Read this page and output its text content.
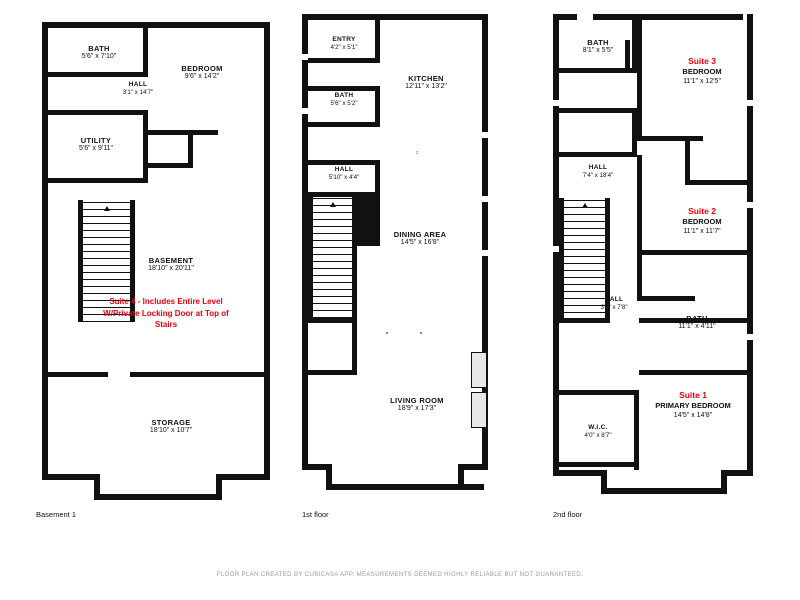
BATH
5'6" x 7'10"
BEDROOM
9'6" x 14'2"
HALL
3'1" x 14'7"
UTILITY
5'6" x 9'11"
BASEMENT
18'10" x 20'11"
STORAGE
18'10" x 10'7"
Suite 4 - Includes Entire Level W/Private Locking Door at Top of Stairs
Basement 1
z
ENTRY
4'2" x 5'1"
BATH
5'6" x 5'2"
KITCHEN
12'11" x 13'2"
HALL
5'10" x 4'4"
DINING AREA
14'5" x 16'8"
LIVING ROOM
18'9" x 17'3"
1st floor
BATH
8'1" x 5'5"
HALL
7'4" x 18'4"
HALL
3'0" x 7'8"
BATH
11'1" x 4'11"
W.I.C.
4'0" x 8'7"
Suite 3
BEDROOM
11'1" x 12'5"
Suite 2
BEDROOM
11'1" x 11'7"
Suite 1
PRIMARY BEDROOM
14'5" x 14'8"
2nd floor
FLOOR PLAN CREATED BY CUBICASA APP. MEASUREMENTS DEEMED HIGHLY RELIABLE BUT NOT GUARANTEED.
